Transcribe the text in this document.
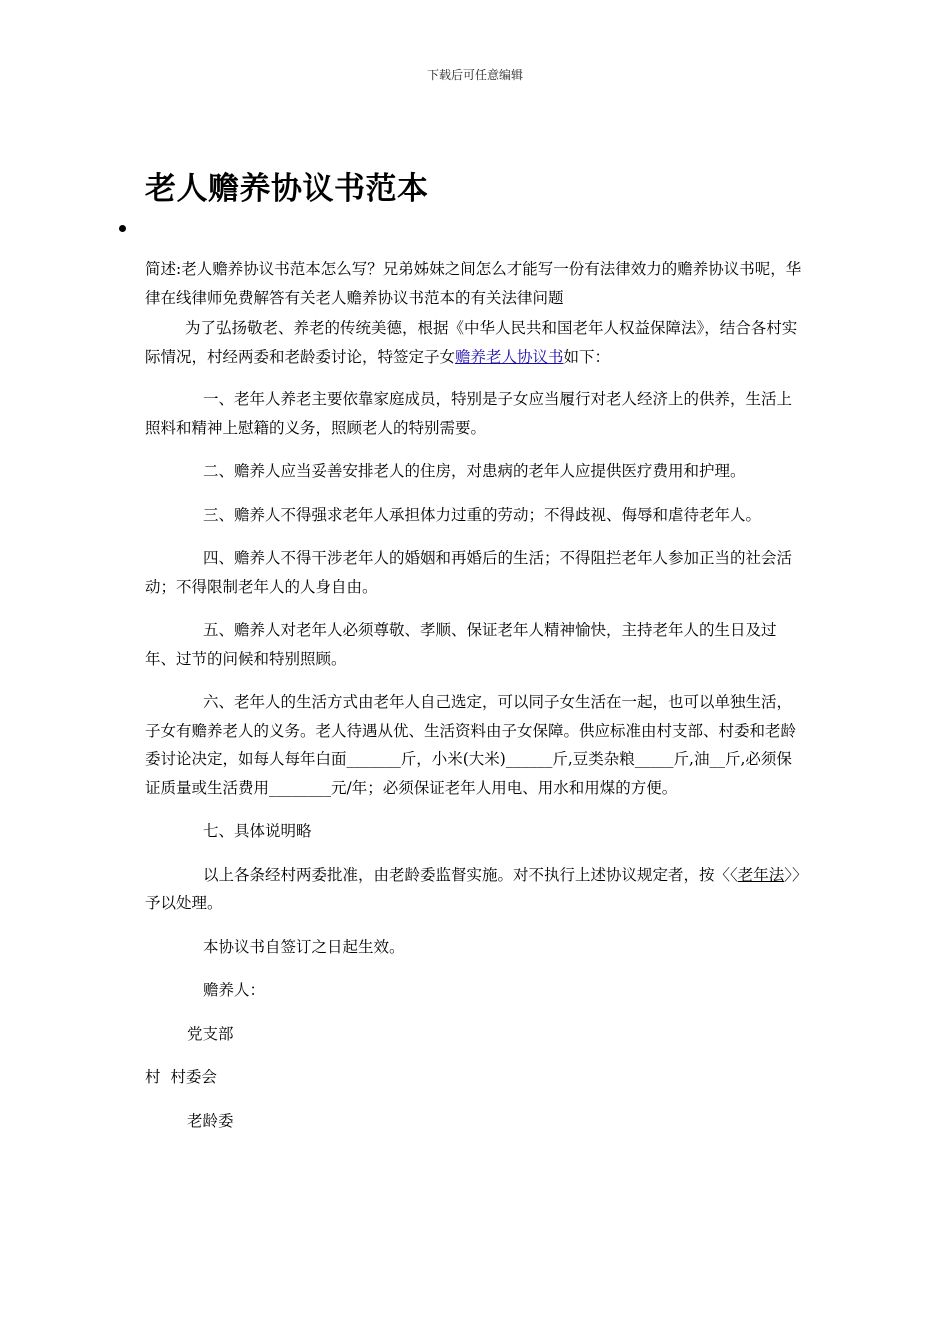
下载后可任意编辑
老人赡养协议书范本

简述:老人赡养协议书范本怎么写？兄弟姊妹之间怎么才能写一份有法律效力的赡养协议书呢，华律在线律师免费解答有关老人赡养协议书范本的有关法律问题

为了弘扬敬老、养老的传统美德，根据《中华人民共和国老年人权益保障法》，结合各村实际情况，村经两委和老龄委讨论，特签定子女赡养老人协议书如下：

一、老年人养老主要依靠家庭成员，特别是子女应当履行对老人经济上的供养，生活上照料和精神上慰籍的义务，照顾老人的特别需要。

二、赡养人应当妥善安排老人的住房，对患病的老年人应提供医疗费用和护理。

三、赡养人不得强求老年人承担体力过重的劳动；不得歧视、侮辱和虐待老年人。

四、赡养人不得干涉老年人的婚姻和再婚后的生活；不得阻拦老年人参加正当的社会活动；不得限制老年人的人身自由。

五、赡养人对老年人必须尊敬、孝顺、保证老年人精神愉快，主持老年人的生日及过年、过节的问候和特别照顾。

六、老年人的生活方式由老年人自己选定，可以同子女生活在一起，也可以单独生活，子女有赡养老人的义务。老人待遇从优、生活资料由子女保障。供应标准由村支部、村委和老龄委讨论决定，如每人每年白面_______斤，小米(大米)______斤,豆类杂粮_____斤,油__斤,必须保证质量或生活费用________元/年；必须保证老年人用电、用水和用煤的方便。

七、具体说明略

以上各条经村两委批准，由老龄委监督实施。对不执行上述协议规定者，按〈〈老年法〉〉予以处理。

本协议书自签订之日起生效。

赡养人：

党支部

村  村委会

老龄委
